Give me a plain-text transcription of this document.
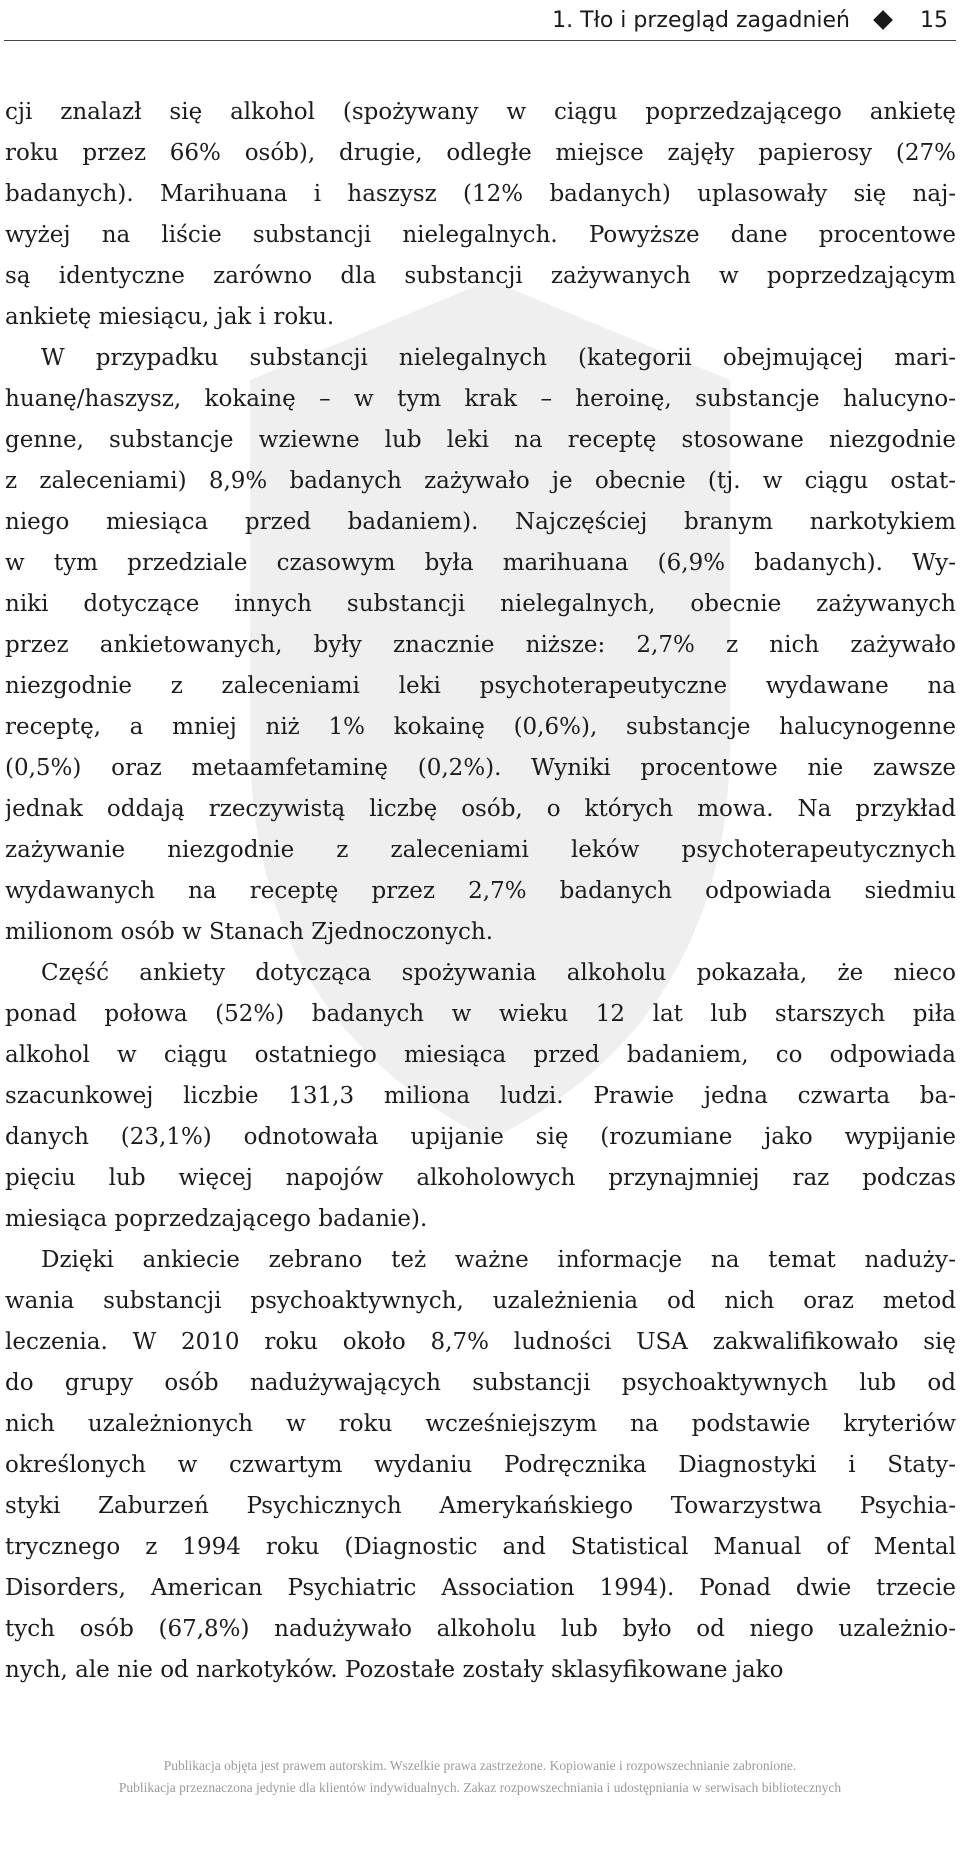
1. Tło i przegląd zagadnień	15
cji znalazł się alkohol (spożywany w ciągu poprzedzającego ankietę
roku przez 66% osób), drugie, odległe miejsce zajęły papierosy (27%
badanych). Marihuana i haszysz (12% badanych) uplasowały się naj-
wyżej na liście substancji nielegalnych. Powyższe dane procentowe
są identyczne zarówno dla substancji zażywanych w poprzedzającym
ankietę miesiącu, jak i roku.
W przypadku substancji nielegalnych (kategorii obejmującej mari-
huanę/haszysz, kokainę – w tym krak – heroinę, substancje halucyno-
genne, substancje wziewne lub leki na receptę stosowane niezgodnie
z zaleceniami) 8,9% badanych zażywało je obecnie (tj. w ciągu ostat-
niego miesiąca przed badaniem). Najczęściej branym narkotykiem
w tym przedziale czasowym była marihuana (6,9% badanych). Wy-
niki dotyczące innych substancji nielegalnych, obecnie zażywanych
przez ankietowanych, były znacznie niższe: 2,7% z nich zażywało
niezgodnie z zaleceniami leki psychoterapeutyczne wydawane na
receptę, a mniej niż 1% kokainę (0,6%), substancje halucynogenne
(0,5%) oraz metaamfetaminę (0,2%). Wyniki procentowe nie zawsze
jednak oddają rzeczywistą liczbę osób, o których mowa. Na przykład
zażywanie niezgodnie z zaleceniami leków psychoterapeutycznych
wydawanych na receptę przez 2,7% badanych odpowiada siedmiu
milionom osób w Stanach Zjednoczonych.
Część ankiety dotycząca spożywania alkoholu pokazała, że nieco
ponad połowa (52%) badanych w wieku 12 lat lub starszych piła
alkohol w ciągu ostatniego miesiąca przed badaniem, co odpowiada
szacunkowej liczbie 131,3 miliona ludzi. Prawie jedna czwarta ba-
danych (23,1%) odnotowała upijanie się (rozumiane jako wypijanie
pięciu lub więcej napojów alkoholowych przynajmniej raz podczas
miesiąca poprzedzającego badanie).
Dzięki ankiecie zebrano też ważne informacje na temat nadużу-
wania substancji psychoaktywnych, uzależnienia od nich oraz metod
leczenia. W 2010 roku około 8,7% ludności USA zakwalifikowało się
do grupy osób nadużywających substancji psychoaktywnych lub od
nich uzależnionych w roku wcześniejszym na podstawie kryteriów
określonych w czwartym wydaniu Podręcznika Diagnostyki i Staty-
styki Zaburzeń Psychicznych Amerykańskiego Towarzystwa Psychia-
trycznego z 1994 roku (Diagnostic and Statistical Manual of Mental
Disorders, American Psychiatric Association 1994). Ponad dwie trzecie
tych osób (67,8%) nadużywało alkoholu lub było od niego uzależnio-
nych, ale nie od narkotyków. Pozostałe zostały sklasyfikowane jako
Publikacja objęta jest prawem autorskim. Wszelkie prawa zastrzeżone. Kopiowanie i rozpowszechnianie zabronione.
Publikacja przeznaczona jedynie dla klientów indywidualnych. Zakaz rozpowszechniania i udostępniania w serwisach bibliotecznych
